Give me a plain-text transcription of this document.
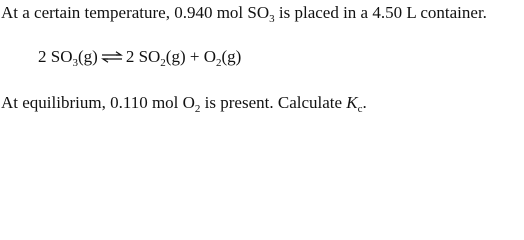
At a certain temperature, 0.940 mol $SO_3$ is placed in a 4.50 L container.
2 $SO_3(g)$ ⇌ 2 $SO_2(g) + O_2(g)$
At equilibrium, 0.110 mol $O_2$ is present. Calculate $K_c$.
